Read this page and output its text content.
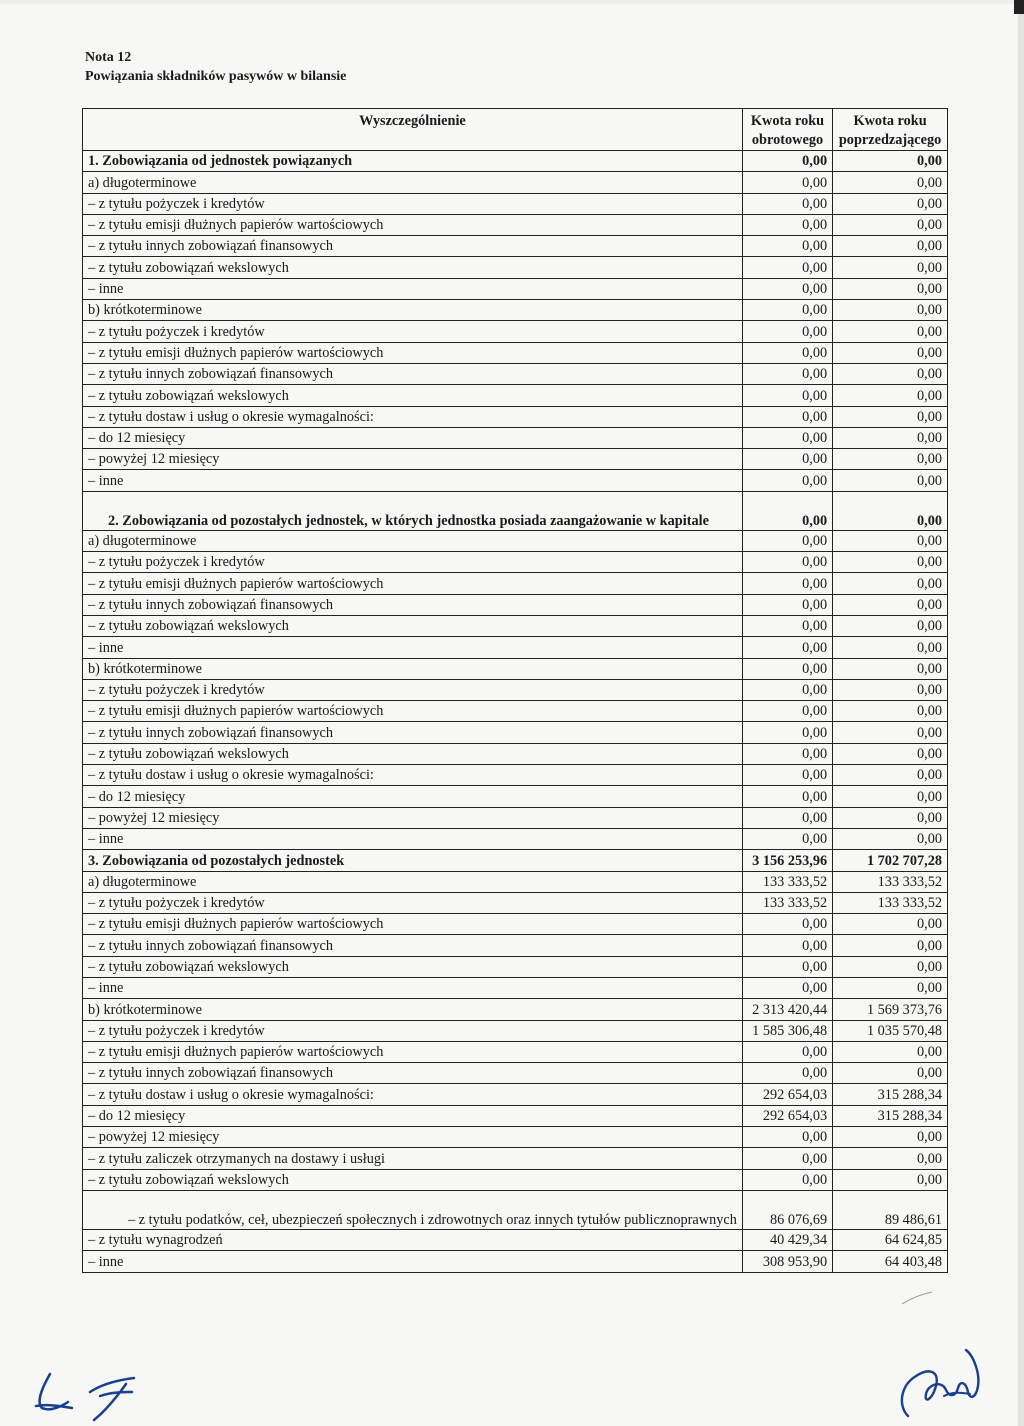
Nota 12
Powiązania składników pasywów w bilansie
Wyszczególnienie	Kwota roku obrotowego	Kwota roku poprzedzającego
1. Zobowiązania od jednostek powiązanych	0,00	0,00
a) długoterminowe	0,00	0,00
– z tytułu pożyczek i kredytów	0,00	0,00
– z tytułu emisji dłużnych papierów wartościowych	0,00	0,00
– z tytułu innych zobowiązań finansowych	0,00	0,00
– z tytułu zobowiązań wekslowych	0,00	0,00
– inne	0,00	0,00
b) krótkoterminowe	0,00	0,00
– z tytułu pożyczek i kredytów	0,00	0,00
– z tytułu emisji dłużnych papierów wartościowych	0,00	0,00
– z tytułu innych zobowiązań finansowych	0,00	0,00
– z tytułu zobowiązań wekslowych	0,00	0,00
– z tytułu dostaw i usług o okresie wymagalności:	0,00	0,00
– do 12 miesięcy	0,00	0,00
– powyżej 12 miesięcy	0,00	0,00
– inne	0,00	0,00
2. Zobowiązania od pozostałych jednostek, w których jednostka posiada zaangażowanie w kapitale	0,00	0,00
a) długoterminowe	0,00	0,00
– z tytułu pożyczek i kredytów	0,00	0,00
– z tytułu emisji dłużnych papierów wartościowych	0,00	0,00
– z tytułu innych zobowiązań finansowych	0,00	0,00
– z tytułu zobowiązań wekslowych	0,00	0,00
– inne	0,00	0,00
b) krótkoterminowe	0,00	0,00
– z tytułu pożyczek i kredytów	0,00	0,00
– z tytułu emisji dłużnych papierów wartościowych	0,00	0,00
– z tytułu innych zobowiązań finansowych	0,00	0,00
– z tytułu zobowiązań wekslowych	0,00	0,00
– z tytułu dostaw i usług o okresie wymagalności:	0,00	0,00
– do 12 miesięcy	0,00	0,00
– powyżej 12 miesięcy	0,00	0,00
– inne	0,00	0,00
3. Zobowiązania od pozostałych jednostek	3 156 253,96	1 702 707,28
a) długoterminowe	133 333,52	133 333,52
– z tytułu pożyczek i kredytów	133 333,52	133 333,52
– z tytułu emisji dłużnych papierów wartościowych	0,00	0,00
– z tytułu innych zobowiązań finansowych	0,00	0,00
– z tytułu zobowiązań wekslowych	0,00	0,00
– inne	0,00	0,00
b) krótkoterminowe	2 313 420,44	1 569 373,76
– z tytułu pożyczek i kredytów	1 585 306,48	1 035 570,48
– z tytułu emisji dłużnych papierów wartościowych	0,00	0,00
– z tytułu innych zobowiązań finansowych	0,00	0,00
– z tytułu dostaw i usług o okresie wymagalności:	292 654,03	315 288,34
– do 12 miesięcy	292 654,03	315 288,34
– powyżej 12 miesięcy	0,00	0,00
– z tytułu zaliczek otrzymanych na dostawy i usługi	0,00	0,00
– z tytułu zobowiązań wekslowych	0,00	0,00
– z tytułu podatków, ceł, ubezpieczeń społecznych i zdrowotnych oraz innych tytułów publicznoprawnych	86 076,69	89 486,61
– z tytułu wynagrodzeń	40 429,34	64 624,85
– inne	308 953,90	64 403,48
